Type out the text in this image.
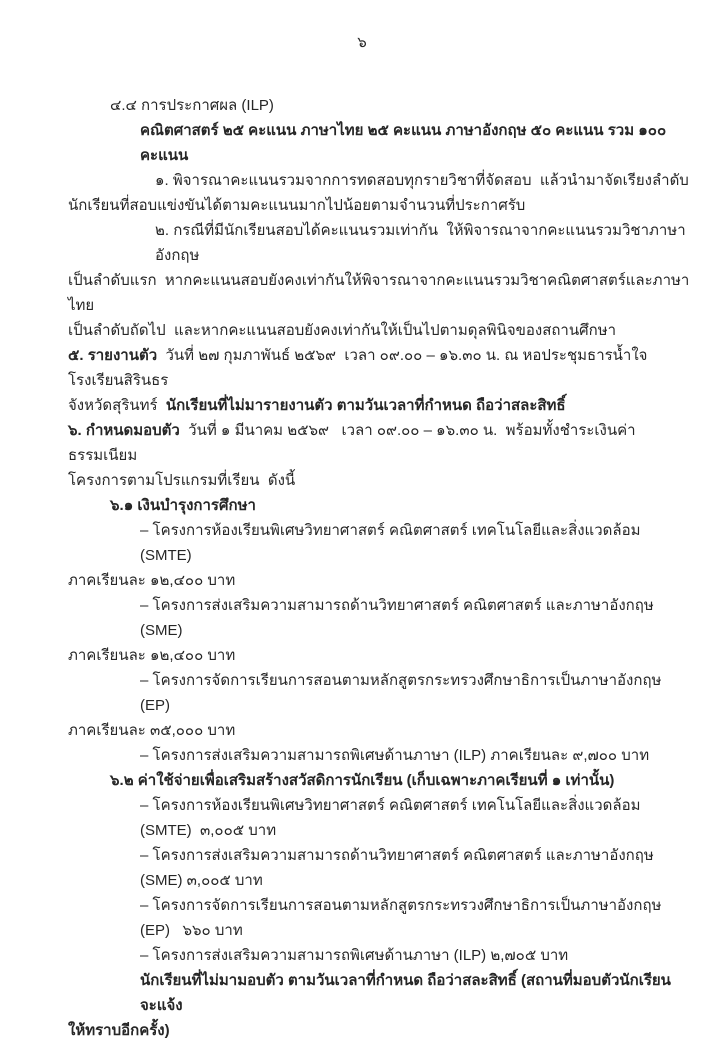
๖

๔.๔ การประกาศผล (ILP)

คณิตศาสตร์ ๒๕ คะแนน ภาษาไทย ๒๕ คะแนน ภาษาอังกฤษ ๕๐ คะแนน รวม ๑๐๐ คะแนน

๑. พิจารณาคะแนนรวมจากการทดสอบทุกรายวิชาที่จัดสอบ  แล้วนำมาจัดเรียงลำดับ

นักเรียนที่สอบแข่งขันได้ตามคะแนนมากไปน้อยตามจำนวนที่ประกาศรับ

๒. กรณีที่มีนักเรียนสอบได้คะแนนรวมเท่ากัน  ให้พิจารณาจากคะแนนรวมวิชาภาษาอังกฤษ

เป็นลำดับแรก  หากคะแนนสอบยังคงเท่ากันให้พิจารณาจากคะแนนรวมวิชาคณิตศาสตร์และภาษาไทย

เป็นลำดับถัดไป  และหากคะแนนสอบยังคงเท่ากันให้เป็นไปตามดุลพินิจของสถานศึกษา

๕. รายงานตัว  วันที่ ๒๗ กุมภาพันธ์ ๒๕๖๙  เวลา ๐๙.๐๐ – ๑๖.๓๐ น. ณ หอประชุมธารน้ำใจ  โรงเรียนสิรินธร

จังหวัดสุรินทร์  นักเรียนที่ไม่มารายงานตัว ตามวันเวลาที่กำหนด ถือว่าสละสิทธิ์

๖. กำหนดมอบตัว  วันที่ ๑ มีนาคม ๒๕๖๙   เวลา ๐๙.๐๐ – ๑๖.๓๐ น.  พร้อมทั้งชำระเงินค่าธรรมเนียม

โครงการตามโปรแกรมที่เรียน  ดังนี้

๖.๑ เงินบำรุงการศึกษา

– โครงการห้องเรียนพิเศษวิทยาศาสตร์ คณิตศาสตร์ เทคโนโลยีและสิ่งแวดล้อม (SMTE)

ภาคเรียนละ ๑๒,๔๐๐ บาท

– โครงการส่งเสริมความสามารถด้านวิทยาศาสตร์ คณิตศาสตร์ และภาษาอังกฤษ (SME)

ภาคเรียนละ ๑๒,๔๐๐ บาท

– โครงการจัดการเรียนการสอนตามหลักสูตรกระทรวงศึกษาธิการเป็นภาษาอังกฤษ (EP)

ภาคเรียนละ ๓๕,๐๐๐ บาท

– โครงการส่งเสริมความสามารถพิเศษด้านภาษา (ILP) ภาคเรียนละ ๙,๗๐๐ บาท

๖.๒ ค่าใช้จ่ายเพื่อเสริมสร้างสวัสดิการนักเรียน (เก็บเฉพาะภาคเรียนที่ ๑ เท่านั้น)

– โครงการห้องเรียนพิเศษวิทยาศาสตร์ คณิตศาสตร์ เทคโนโลยีและสิ่งแวดล้อม (SMTE)  ๓,๐๐๕ บาท

– โครงการส่งเสริมความสามารถด้านวิทยาศาสตร์ คณิตศาสตร์ และภาษาอังกฤษ (SME) ๓,๐๐๕ บาท

– โครงการจัดการเรียนการสอนตามหลักสูตรกระทรวงศึกษาธิการเป็นภาษาอังกฤษ (EP)   ๖๖๐ บาท

– โครงการส่งเสริมความสามารถพิเศษด้านภาษา (ILP) ๒,๗๐๕ บาท

นักเรียนที่ไม่มามอบตัว ตามวันเวลาที่กำหนด ถือว่าสละสิทธิ์ (สถานที่มอบตัวนักเรียนจะแจ้ง

ให้ทราบอีกครั้ง)
